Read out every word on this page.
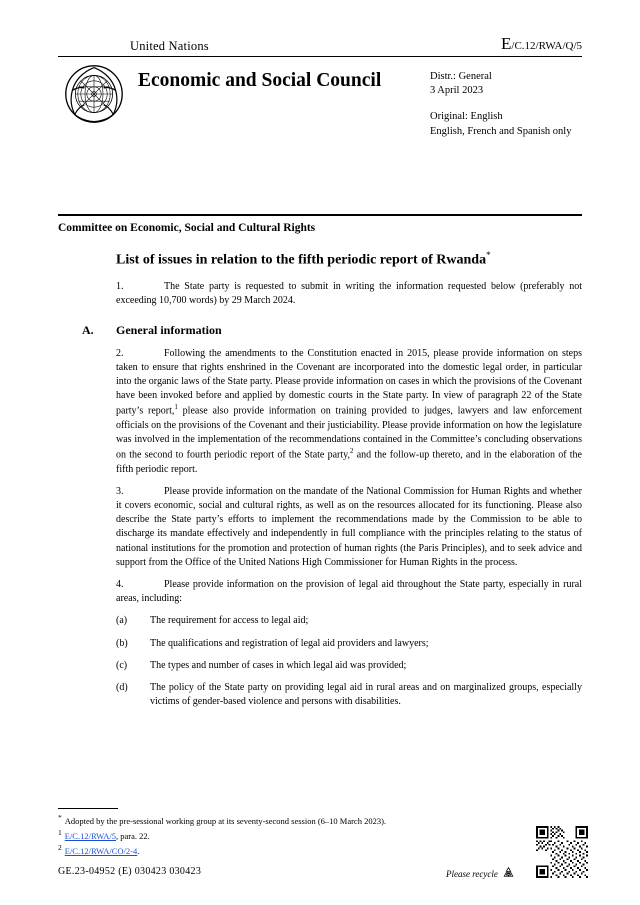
United Nations	E/C.12/RWA/Q/5
Economic and Social Council	Distr.: General
3 April 2023
Original: English
English, French and Spanish only
Committee on Economic, Social and Cultural Rights
List of issues in relation to the fifth periodic report of Rwanda*

1.	The State party is requested to submit in writing the information requested below (preferably not exceeding 10,700 words) by 29 March 2024.

A. General information

2.	Following the amendments to the Constitution enacted in 2015, please provide information on steps taken to ensure that rights enshrined in the Covenant are incorporated into the domestic legal order, in particular into the organic laws of the State party. Please provide information on cases in which the provisions of the Covenant have been invoked before and applied by domestic courts in the State party. In view of paragraph 22 of the State party’s report,$^1$ please also provide information on training provided to judges, lawyers and law enforcement officials on the provisions of the Covenant and their justiciability. Please provide information on how the legislature was involved in the implementation of the recommendations contained in the Committee’s concluding observations on the second to fourth periodic report of the State party,$^2$ and the follow-up thereto, and in the elaboration of the fifth periodic report.

3.	Please provide information on the mandate of the National Commission for Human Rights and whether it covers economic, social and cultural rights, as well as on the resources allocated for its functioning. Please also describe the State party’s efforts to implement the recommendations made by the Commission to be able to discharge its mandate effectively and independently in full compliance with the principles relating to the status of national institutions for the promotion and protection of human rights (the Paris Principles), and to seek advice and support from the Office of the United Nations High Commissioner for Human Rights in the process.

4.	Please provide information on the provision of legal aid throughout the State party, especially in rural areas, including:

(a) The requirement for access to legal aid;

(b) The qualifications and registration of legal aid providers and lawyers;

(c) The types and number of cases in which legal aid was provided;

(d) The policy of the State party on providing legal aid in rural areas and on marginalized groups, especially victims of gender-based violence and persons with disabilities.

* Adopted by the pre-sessional working group at its seventy-second session (6–10 March 2023).
1 E/C.12/RWA/5, para. 22.
2 E/C.12/RWA/CO/2-4.
GE.23-04952 (E) 030423 030423	Please recycle
